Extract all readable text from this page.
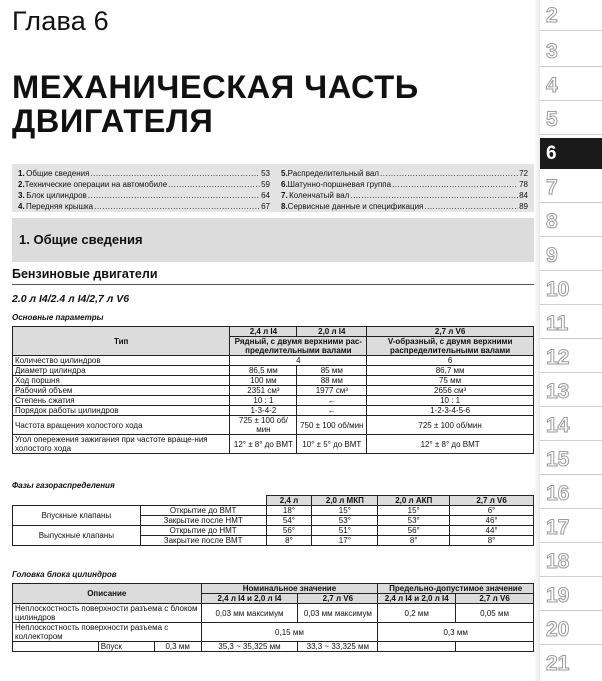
Глава 6
МЕХАНИЧЕСКАЯ ЧАСТЬ
ДВИГАТЕЛЯ
1. Общие сведения .....	53
2. Технические операции на автомобиле .....	59
3. Блок цилиндров .....	64
4. Передняя крышка .....	67
5. Распределительный вал .....	72
6. Шатунно-поршневая группа .....	78
7. Коленчатый вал .....	84
8. Сервисные данные и спецификация .....	89
1. Общие сведения
Бензиновые двигатели
2.0 л I4/2.4 л I4/2,7 л V6
Основные параметры
Тип	2,4 л I4	2,0 л I4	2,7 л V6
	Рядный, с двумя верхними рас-пределительными валами		V-образный, с двумя верхними распределительными валами
Количество цилиндров	4		6
Диаметр цилиндра	86,5 мм	85 мм	86,7 мм
Ход поршня	100 мм	88 мм	75 мм
Рабочий объем	2351 см³	1977 см³	2656 см³
Степень сжатия	10 : 1	←	10 : 1
Порядок работы цилиндров	1-3-4-2	←	1-2-3-4-5-6
Частота вращения холостого хода	725 ± 100 об/мин	750 ± 100 об/мин	725 ± 100 об/мин
Угол опережения зажигания при частоте враще-ния холостого хода	12° ± 8° до ВМТ	10° ± 5° до ВМТ	12° ± 8° до ВМТ
Фазы газораспределения
		2,4 л	2,0 л МКП	2,0 л АКП	2,7 л V6
Впускные клапаны	Открытие до ВМТ	18°	15°	15°	6°
	Закрытие после НМТ	54°	53°	53°	46°
Выпускные клапаны	Открытие до НМТ	56°	51°	56°	44°
	Закрытие после ВМТ	8°	17°	8°	8°
Головка блока цилиндров
Описание			Номинальное значение		Предельно-допустимое значение	
			2,4 л I4 и 2,0 л I4	2,7 л V6	2,4 л I4 и 2,0 л I4	2,7 л V6
Неплоскостность поверхности разъема с блоком цилиндров			0,03 мм максимум	0,03 мм максимум	0,2 мм	0,05 мм
Неплоскостность поверхности разъема с коллектором			0,15 мм		0,3 мм	
	Впуск	0,3 мм	35,3 ~ 35,325 мм	33,3 ~ 33,325 мм		
2
3
4
5
6
7
8
9
10
11
12
13
14
15
16
17
18
19
20
21
